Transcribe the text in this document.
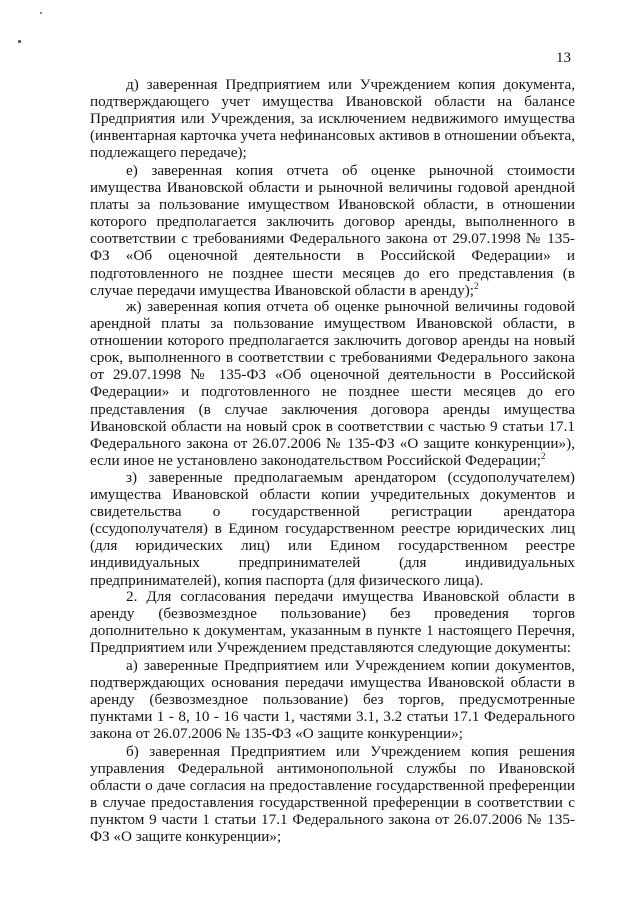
13

д) заверенная Предприятием или Учреждением копия документа, подтверждающего учет имущества Ивановской области на балансе Предприятия или Учреждения, за исключением недвижимого имущества (инвентарная карточка учета нефинансовых активов в отношении объекта, подлежащего передаче);

е) заверенная копия отчета об оценке рыночной стоимости имущества Ивановской области и рыночной величины годовой арендной платы за пользование имуществом Ивановской области, в отношении которого предполагается заключить договор аренды, выполненного в соответствии с требованиями Федерального закона от 29.07.1998 № 135-ФЗ «Об оценочной деятельности в Российской Федерации» и подготовленного не позднее шести месяцев до его представления (в случае передачи имущества Ивановской области в аренду);$^2$

ж) заверенная копия отчета об оценке рыночной величины годовой арендной платы за пользование имуществом Ивановской области, в отношении которого предполагается заключить договор аренды на новый срок, выполненного в соответствии с требованиями Федерального закона от 29.07.1998 № 135-ФЗ «Об оценочной деятельности в Российской Федерации» и подготовленного не позднее шести месяцев до его представления (в случае заключения договора аренды имущества Ивановской области на новый срок в соответствии с частью 9 статьи 17.1 Федерального закона от 26.07.2006 № 135-ФЗ «О защите конкуренции»), если иное не установлено законодательством Российской Федерации;$^2$

з) заверенные предполагаемым арендатором (ссудополучателем) имущества Ивановской области копии учредительных документов и свидетельства о государственной регистрации арендатора (ссудополучателя) в Едином государственном реестре юридических лиц (для юридических лиц) или Едином государственном реестре индивидуальных предпринимателей (для индивидуальных предпринимателей), копия паспорта (для физического лица).

2. Для согласования передачи имущества Ивановской области в аренду (безвозмездное пользование) без проведения торгов дополнительно к документам, указанным в пункте 1 настоящего Перечня, Предприятием или Учреждением представляются следующие документы:

а) заверенные Предприятием или Учреждением копии документов, подтверждающих основания передачи имущества Ивановской области в аренду (безвозмездное пользование) без торгов, предусмотренные пунктами 1 - 8, 10 - 16 части 1, частями 3.1, 3.2 статьи 17.1 Федерального закона от 26.07.2006 № 135-ФЗ «О защите конкуренции»;

б) заверенная Предприятием или Учреждением копия решения управления Федеральной антимонопольной службы по Ивановской области о даче согласия на предоставление государственной преференции в случае предоставления государственной преференции в соответствии с пунктом 9 части 1 статьи 17.1 Федерального закона от 26.07.2006 № 135-ФЗ «О защите конкуренции»;
